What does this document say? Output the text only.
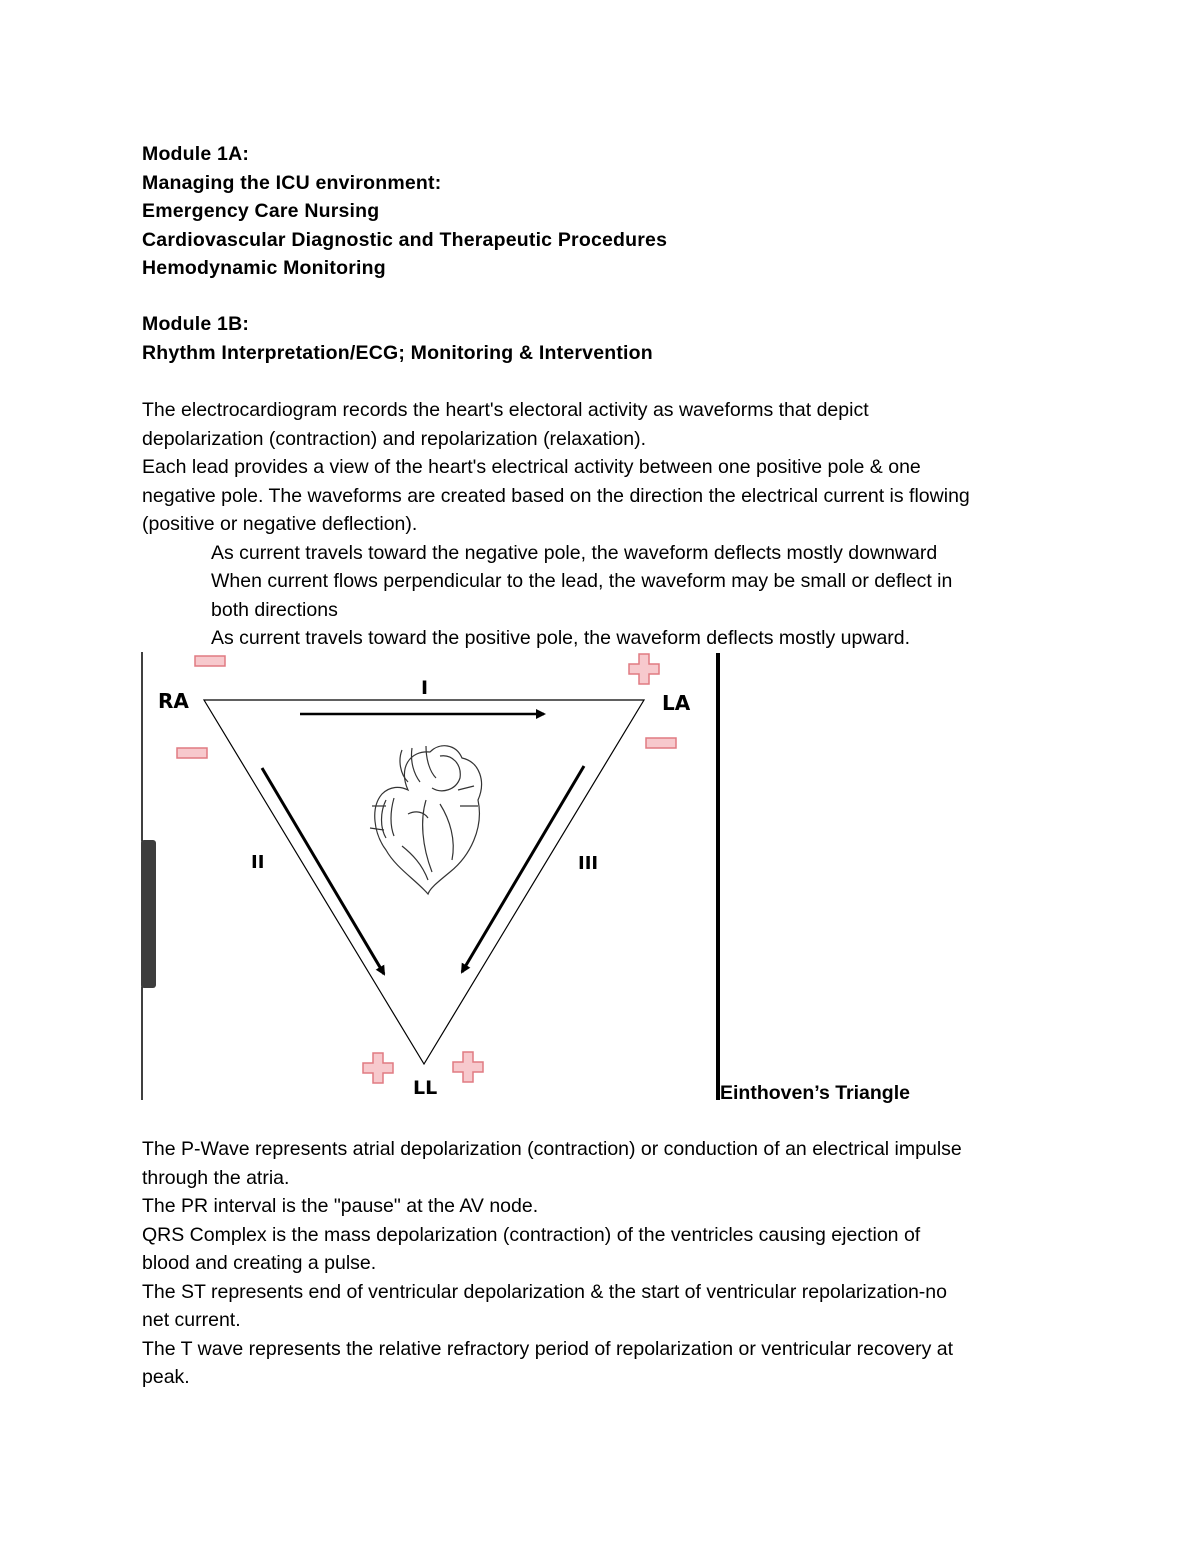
Module 1A:
Managing the ICU environment:
Emergency Care Nursing
Cardiovascular Diagnostic and Therapeutic Procedures
Hemodynamic Monitoring
Module 1B:
Rhythm Interpretation/ECG; Monitoring & Intervention
The electrocardiogram records the heart's electoral activity as waveforms that depict
depolarization (contraction) and repolarization (relaxation).
Each lead provides a view of the heart's electrical activity between one positive pole & one
negative pole. The waveforms are created based on the direction the electrical current is flowing
(positive or negative deflection).
As current travels toward the negative pole, the waveform deflects mostly downward
When current flows perpendicular to the lead, the waveform may be small or deflect in
both directions
As current travels toward the positive pole, the waveform deflects mostly upward.
RA	LA
LL
I
II	III
Einthoven’s Triangle
The P-Wave represents atrial depolarization (contraction) or conduction of an electrical impulse
through the atria.
The PR interval is the "pause" at the AV node.
QRS Complex is the mass depolarization (contraction) of the ventricles causing ejection of
blood and creating a pulse.
The ST represents end of ventricular depolarization & the start of ventricular repolarization-no
net current.
The T wave represents the relative refractory period of repolarization or ventricular recovery at
peak.
